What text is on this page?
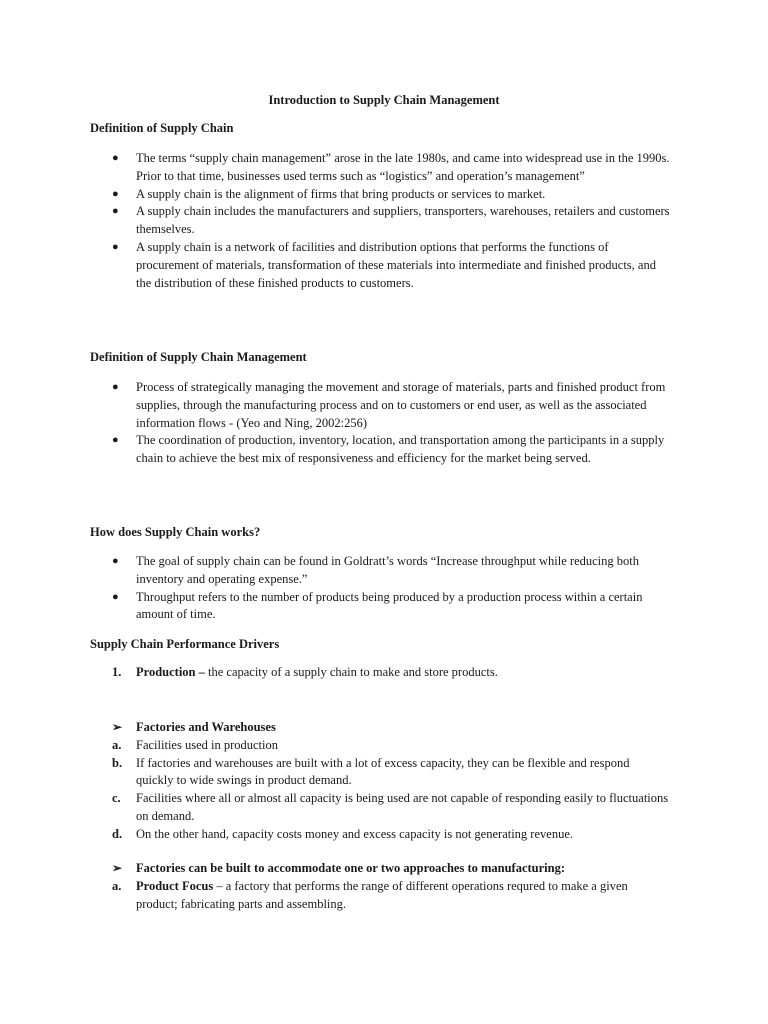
Introduction to Supply Chain Management
Definition of Supply Chain
● The terms “supply chain management” arose in the late 1980s, and came into widespread use in the 1990s. Prior to that time, businesses used terms such as “logistics” and operation’s management”
● A supply chain is the alignment of firms that bring products or services to market.
● A supply chain includes the manufacturers and suppliers, transporters, warehouses, retailers and customers themselves.
● A supply chain is a network of facilities and distribution options that performs the functions of procurement of materials, transformation of these materials into intermediate and finished products, and the distribution of these finished products to customers.
Definition of Supply Chain Management
● Process of strategically managing the movement and storage of materials, parts and finished product from supplies, through the manufacturing process and on to customers or end user, as well as the associated information flows - (Yeo and Ning, 2002:256)
● The coordination of production, inventory, location, and transportation among the participants in a supply chain to achieve the best mix of responsiveness and efficiency for the market being served.
How does Supply Chain works?
● The goal of supply chain can be found in Goldratt’s words “Increase throughput while reducing both inventory and operating expense.”
● Throughput refers to the number of products being produced by a production process within a certain amount of time.
Supply Chain Performance Drivers
1. Production – the capacity of a supply chain to make and store products.
➢ Factories and Warehouses
a. Facilities used in production
b. If factories and warehouses are built with a lot of excess capacity, they can be flexible and respond quickly to wide swings in product demand.
c. Facilities where all or almost all capacity is being used are not capable of responding easily to fluctuations on demand.
d. On the other hand, capacity costs money and excess capacity is not generating revenue.
➢ Factories can be built to accommodate one or two approaches to manufacturing:
a. Product Focus – a factory that performs the range of different operations requred to make a given product; fabricating parts and assembling.
